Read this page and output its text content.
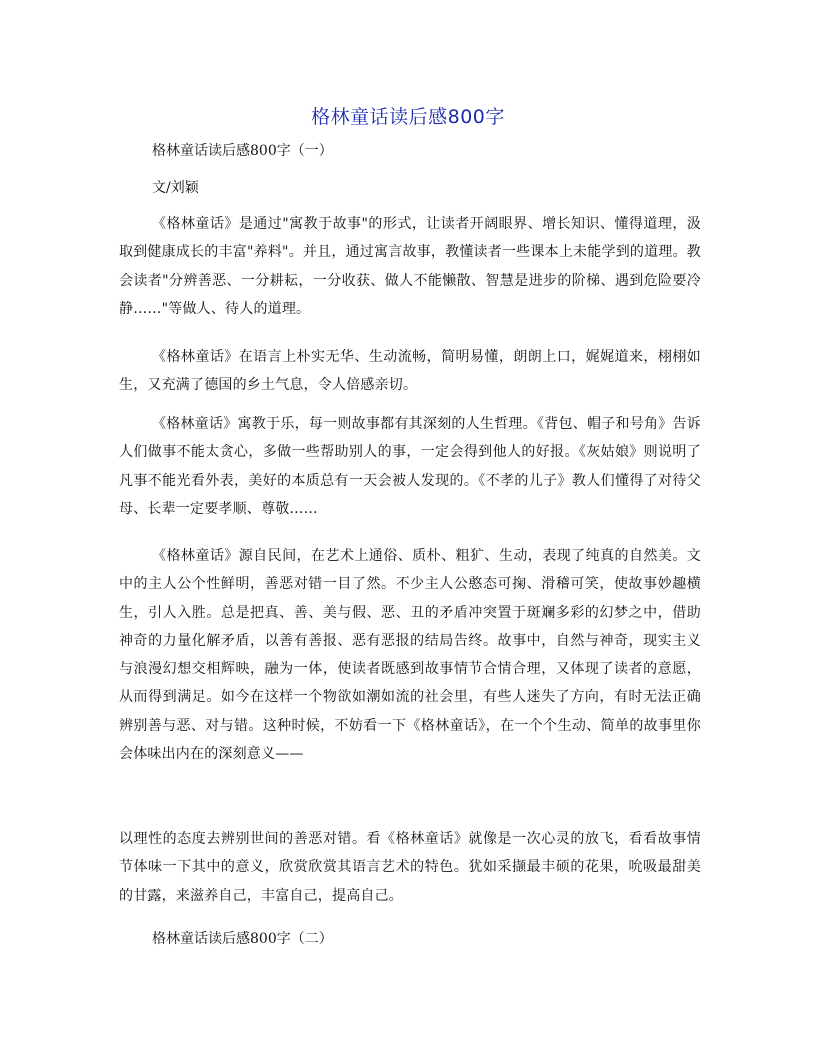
格林童话读后感800字

格林童话读后感800字（一）

文/刘颖

《格林童话》是通过"寓教于故事"的形式，让读者开阔眼界、增长知识、懂得道理，汲取到健康成长的丰富"养料"。并且，通过寓言故事，教懂读者一些课本上未能学到的道理。教会读者"分辨善恶、一分耕耘，一分收获、做人不能懒散、智慧是进步的阶梯、遇到危险要冷静……"等做人、待人的道理。

《格林童话》在语言上朴实无华、生动流畅，简明易懂，朗朗上口，娓娓道来，栩栩如生，又充满了德国的乡土气息，令人倍感亲切。

《格林童话》寓教于乐，每一则故事都有其深刻的人生哲理。《背包、帽子和号角》告诉人们做事不能太贪心，多做一些帮助别人的事，一定会得到他人的好报。《灰姑娘》则说明了凡事不能光看外表，美好的本质总有一天会被人发现的。《不孝的儿子》教人们懂得了对待父母、长辈一定要孝顺、尊敬……

《格林童话》源自民间，在艺术上通俗、质朴、粗犷、生动，表现了纯真的自然美。文中的主人公个性鲜明，善恶对错一目了然。不少主人公憨态可掬、滑稽可笑，使故事妙趣横生，引人入胜。总是把真、善、美与假、恶、丑的矛盾冲突置于斑斓多彩的幻梦之中，借助神奇的力量化解矛盾，以善有善报、恶有恶报的结局告终。故事中，自然与神奇，现实主义与浪漫幻想交相辉映，融为一体，使读者既感到故事情节合情合理，又体现了读者的意愿，从而得到满足。如今在这样一个物欲如潮如流的社会里，有些人迷失了方向，有时无法正确辨别善与恶、对与错。这种时候，不妨看一下《格林童话》，在一个个生动、简单的故事里你会体味出内在的深刻意义——

以理性的态度去辨别世间的善恶对错。看《格林童话》就像是一次心灵的放飞，看看故事情节体味一下其中的意义，欣赏欣赏其语言艺术的特色。犹如采撷最丰硕的花果，吮吸最甜美的甘露，来滋养自己，丰富自己，提高自己。

格林童话读后感800字（二）
